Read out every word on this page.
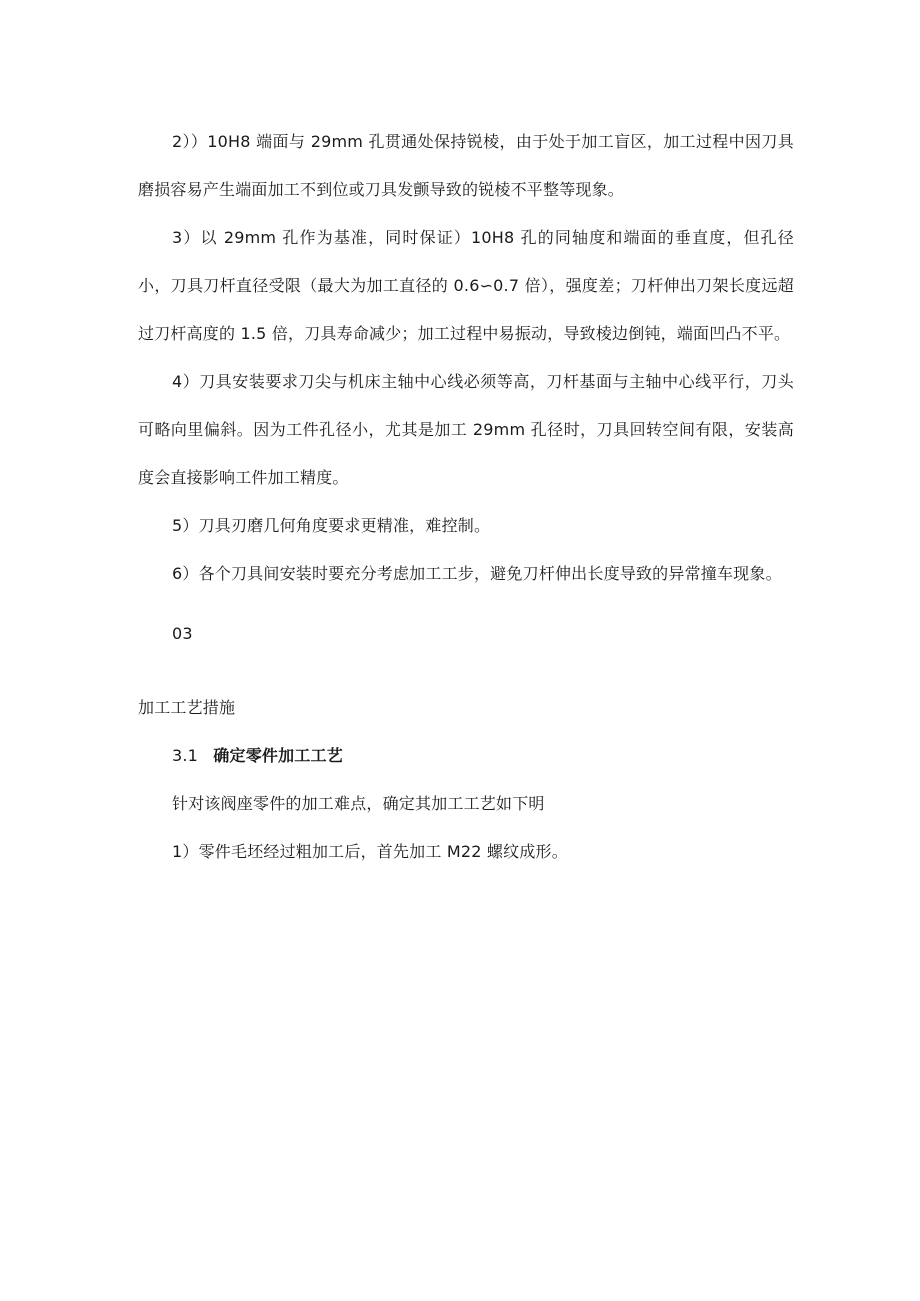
2））10H8 端面与 29mm 孔贯通处保持锐棱，由于处于加工盲区，加工过程中因刀具磨损容易产生端面加工不到位或刀具发颤导致的锐棱不平整等现象。

3）以 29mm 孔作为基准，同时保证）10H8 孔的同轴度和端面的垂直度，但孔径小，刀具刀杆直径受限（最大为加工直径的 0.6∽0.7 倍），强度差；刀杆伸出刀架长度远超过刀杆高度的 1.5 倍，刀具寿命减少；加工过程中易振动，导致棱边倒钝，端面凹凸不平。

4）刀具安装要求刀尖与机床主轴中心线必须等高，刀杆基面与主轴中心线平行，刀头可略向里偏斜。因为工件孔径小，尤其是加工 29mm 孔径时，刀具回转空间有限，安装高度会直接影响工件加工精度。

5）刀具刃磨几何角度要求更精准，难控制。

6）各个刀具间安装时要充分考虑加工工步，避免刀杆伸出长度导致的异常撞车现象。

03
加工工艺措施
3.1 确定零件加工工艺

针对该阀座零件的加工难点，确定其加工工艺如下明

1）零件毛坯经过粗加工后，首先加工 M22 螺纹成形。
